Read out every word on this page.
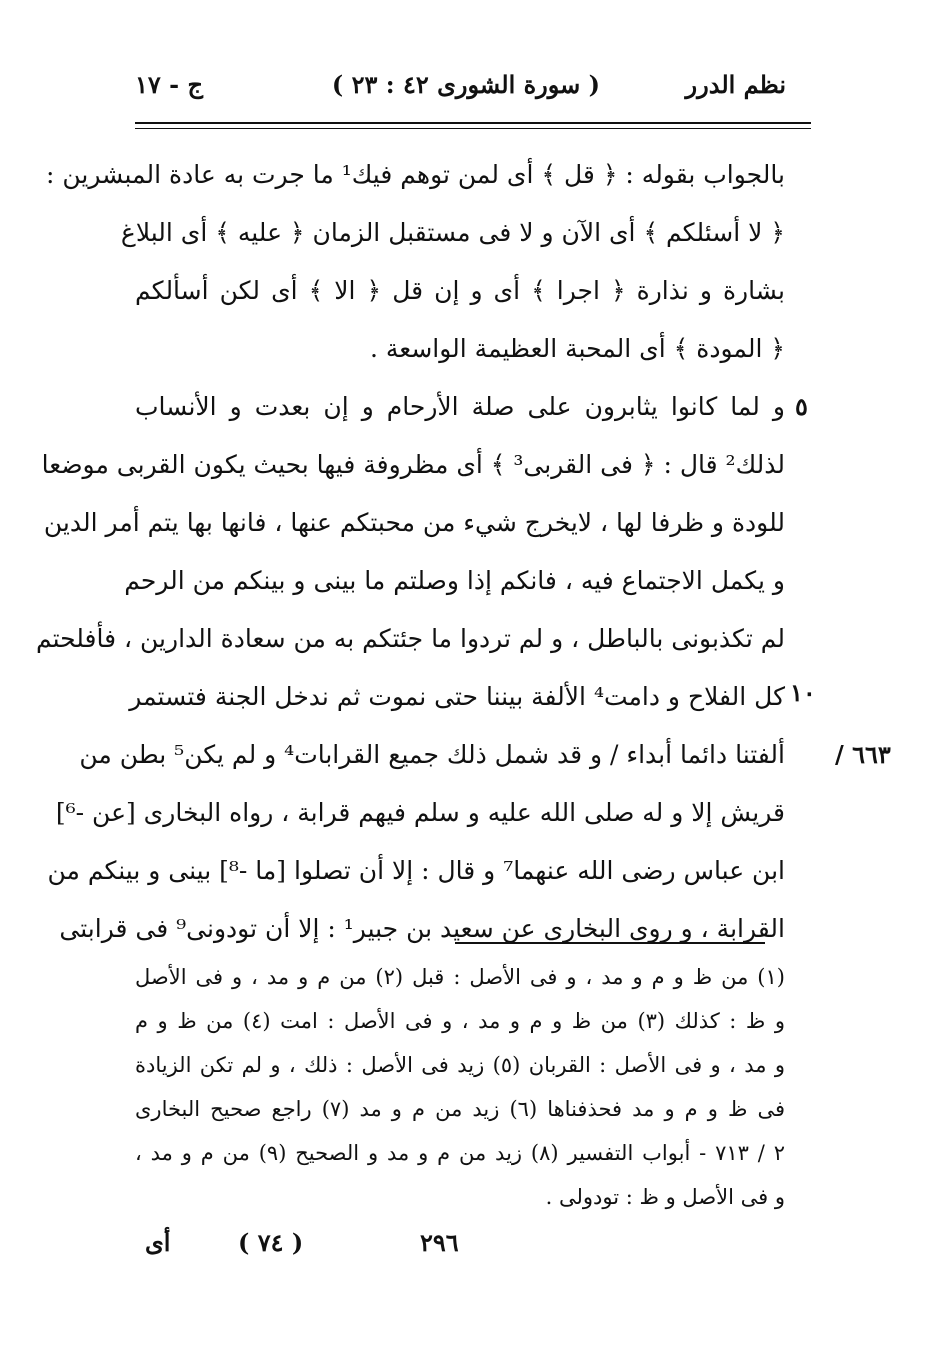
نظم الدرر
( سورة الشورى ٤٢ : ٢٣ )
ج - ١٧
بالجواب بقوله : ﴿ قل ﴾ أى لمن توهم فيك¹ ما جرت به عادة المبشرين :
﴿ لا أسئلكم ﴾ أى الآن و لا فى مستقبل الزمان ﴿ عليه ﴾ أى البلاغ
بشارة و نذارة ﴿ اجرا ﴾ أى و إن قل ﴿ الا ﴾ أى لكن أسألكم
﴿ المودة ﴾ أى المحبة العظيمة الواسعة .
و لما كانوا يثابرون على صلة الأرحام و إن بعدت و الأنساب
لذلك² قال : ﴿ فى القربى³ ﴾ أى مظروفة فيها بحيث يكون القربى موضعا
للودة و ظرفا لها ، لايخرج شيء من محبتكم عنها ، فانها بها يتم أمر الدين
و يكمل الاجتماع فيه ، فانكم إذا وصلتم ما بينى و بينكم من الرحم
لم تكذبونى بالباطل ، و لم تردوا ما جئتكم به من سعادة الدارين ، فأفلحتم
كل الفلاح و دامت⁴ الألفة بيننا حتى نموت ثم ندخل الجنة فتستمر
ألفتنا دائما أبداء / و قد شمل ذلك جميع القرابات⁴ و لم يكن⁵ بطن من
قريش إلا و له صلى الله عليه و سلم فيهم قرابة ، رواه البخارى [عن -⁶]
ابن عباس رضى الله عنهما⁷ و قال : إلا أن تصلوا [ما -⁸] بينى و بينكم من
القرابة ، و روى البخارى عن سعيد بن جبير¹ : إلا أن تودونى⁹ فى قرابتى
٥
١٠
/ ٦٦٣
(١) من ظ و م و مد ، و فى الأصل : قبل (٢) من م و مد ، و فى الأصل
و ظ : كذلك (٣) من ظ و م و مد ، و فى الأصل : امت (٤) من ظ و م
و مد ، و فى الأصل : القربان (٥) زيد فى الأصل : ذلك ، و لم تكن الزيادة
فى ظ و م و مد فحذفناها (٦) زيد من م و مد (٧) راجع صحيح البخارى
٢ / ٧١٣ - أبواب التفسير (٨) زيد من م و مد و الصحيح (٩) من م و مد ،
و فى الأصل و ظ : تودولى .
أى	( ٧٤ )	٢٩٦
